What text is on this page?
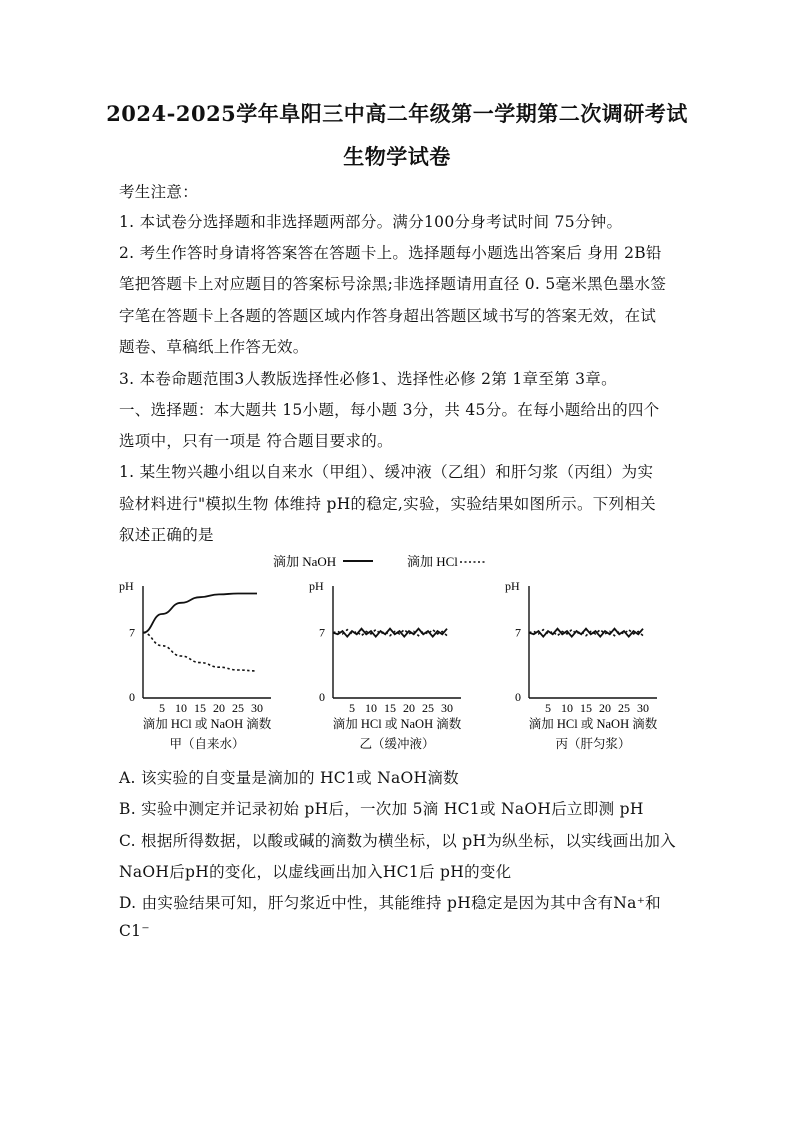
2024-2025学年阜阳三中高二年级第一学期第二次调研考试
生物学试卷
考生注意：
1. 本试卷分选择题和非选择题两部分。满分100分身考试时间 75分钟。
2. 考生作答时身请将答案答在答题卡上。选择题每小题选出答案后 身用 2B铅
笔把答题卡上对应题目的答案标号涂黑;非选择题请用直径 0. 5毫米黑色墨水签
字笔在答题卡上各题的答题区域内作答身超出答题区域书写的答案无效，在试
题卷、草稿纸上作答无效。
3. 本卷命题范围3人教版选择性必修1、选择性必修 2第 1章至第 3章。
一、选择题：本大题共 15小题，每小题 3分，共 45分。在每小题给出的四个
选项中，只有一项是 符合题目要求的。
1. 某生物兴趣小组以自来水（甲组）、缓冲液（乙组）和肝匀浆（丙组）为实
验材料进行"模拟生物 体维持 pH的稳定,实验，实验结果如图所示。下列相关
叙述正确的是
滴加 NaOH	滴加 HCl
pH
7
0
5 10 15 20 25 30
滴加 HCl 或 NaOH 滴数
甲（自来水）
pH
7
0
5 10 15 20 25 30
滴加 HCl 或 NaOH 滴数
乙（缓冲液）
pH
7
0
5 10 15 20 25 30
滴加 HCl 或 NaOH 滴数
丙（肝匀浆）
A. 该实验的自变量是滴加的 HC1或 NaOH滴数
B. 实验中测定并记录初始 pH后，一次加 5滴 HC1或 NaOH后立即测 pH
C. 根据所得数据，以酸或碱的滴数为横坐标，以 pH为纵坐标，以实线画出加入
NaOH后pH的变化，以虚线画出加入HC1后 pH的变化
D. 由实验结果可知，肝匀浆近中性，其能维持 pH稳定是因为其中含有Na⁺和
C1⁻
